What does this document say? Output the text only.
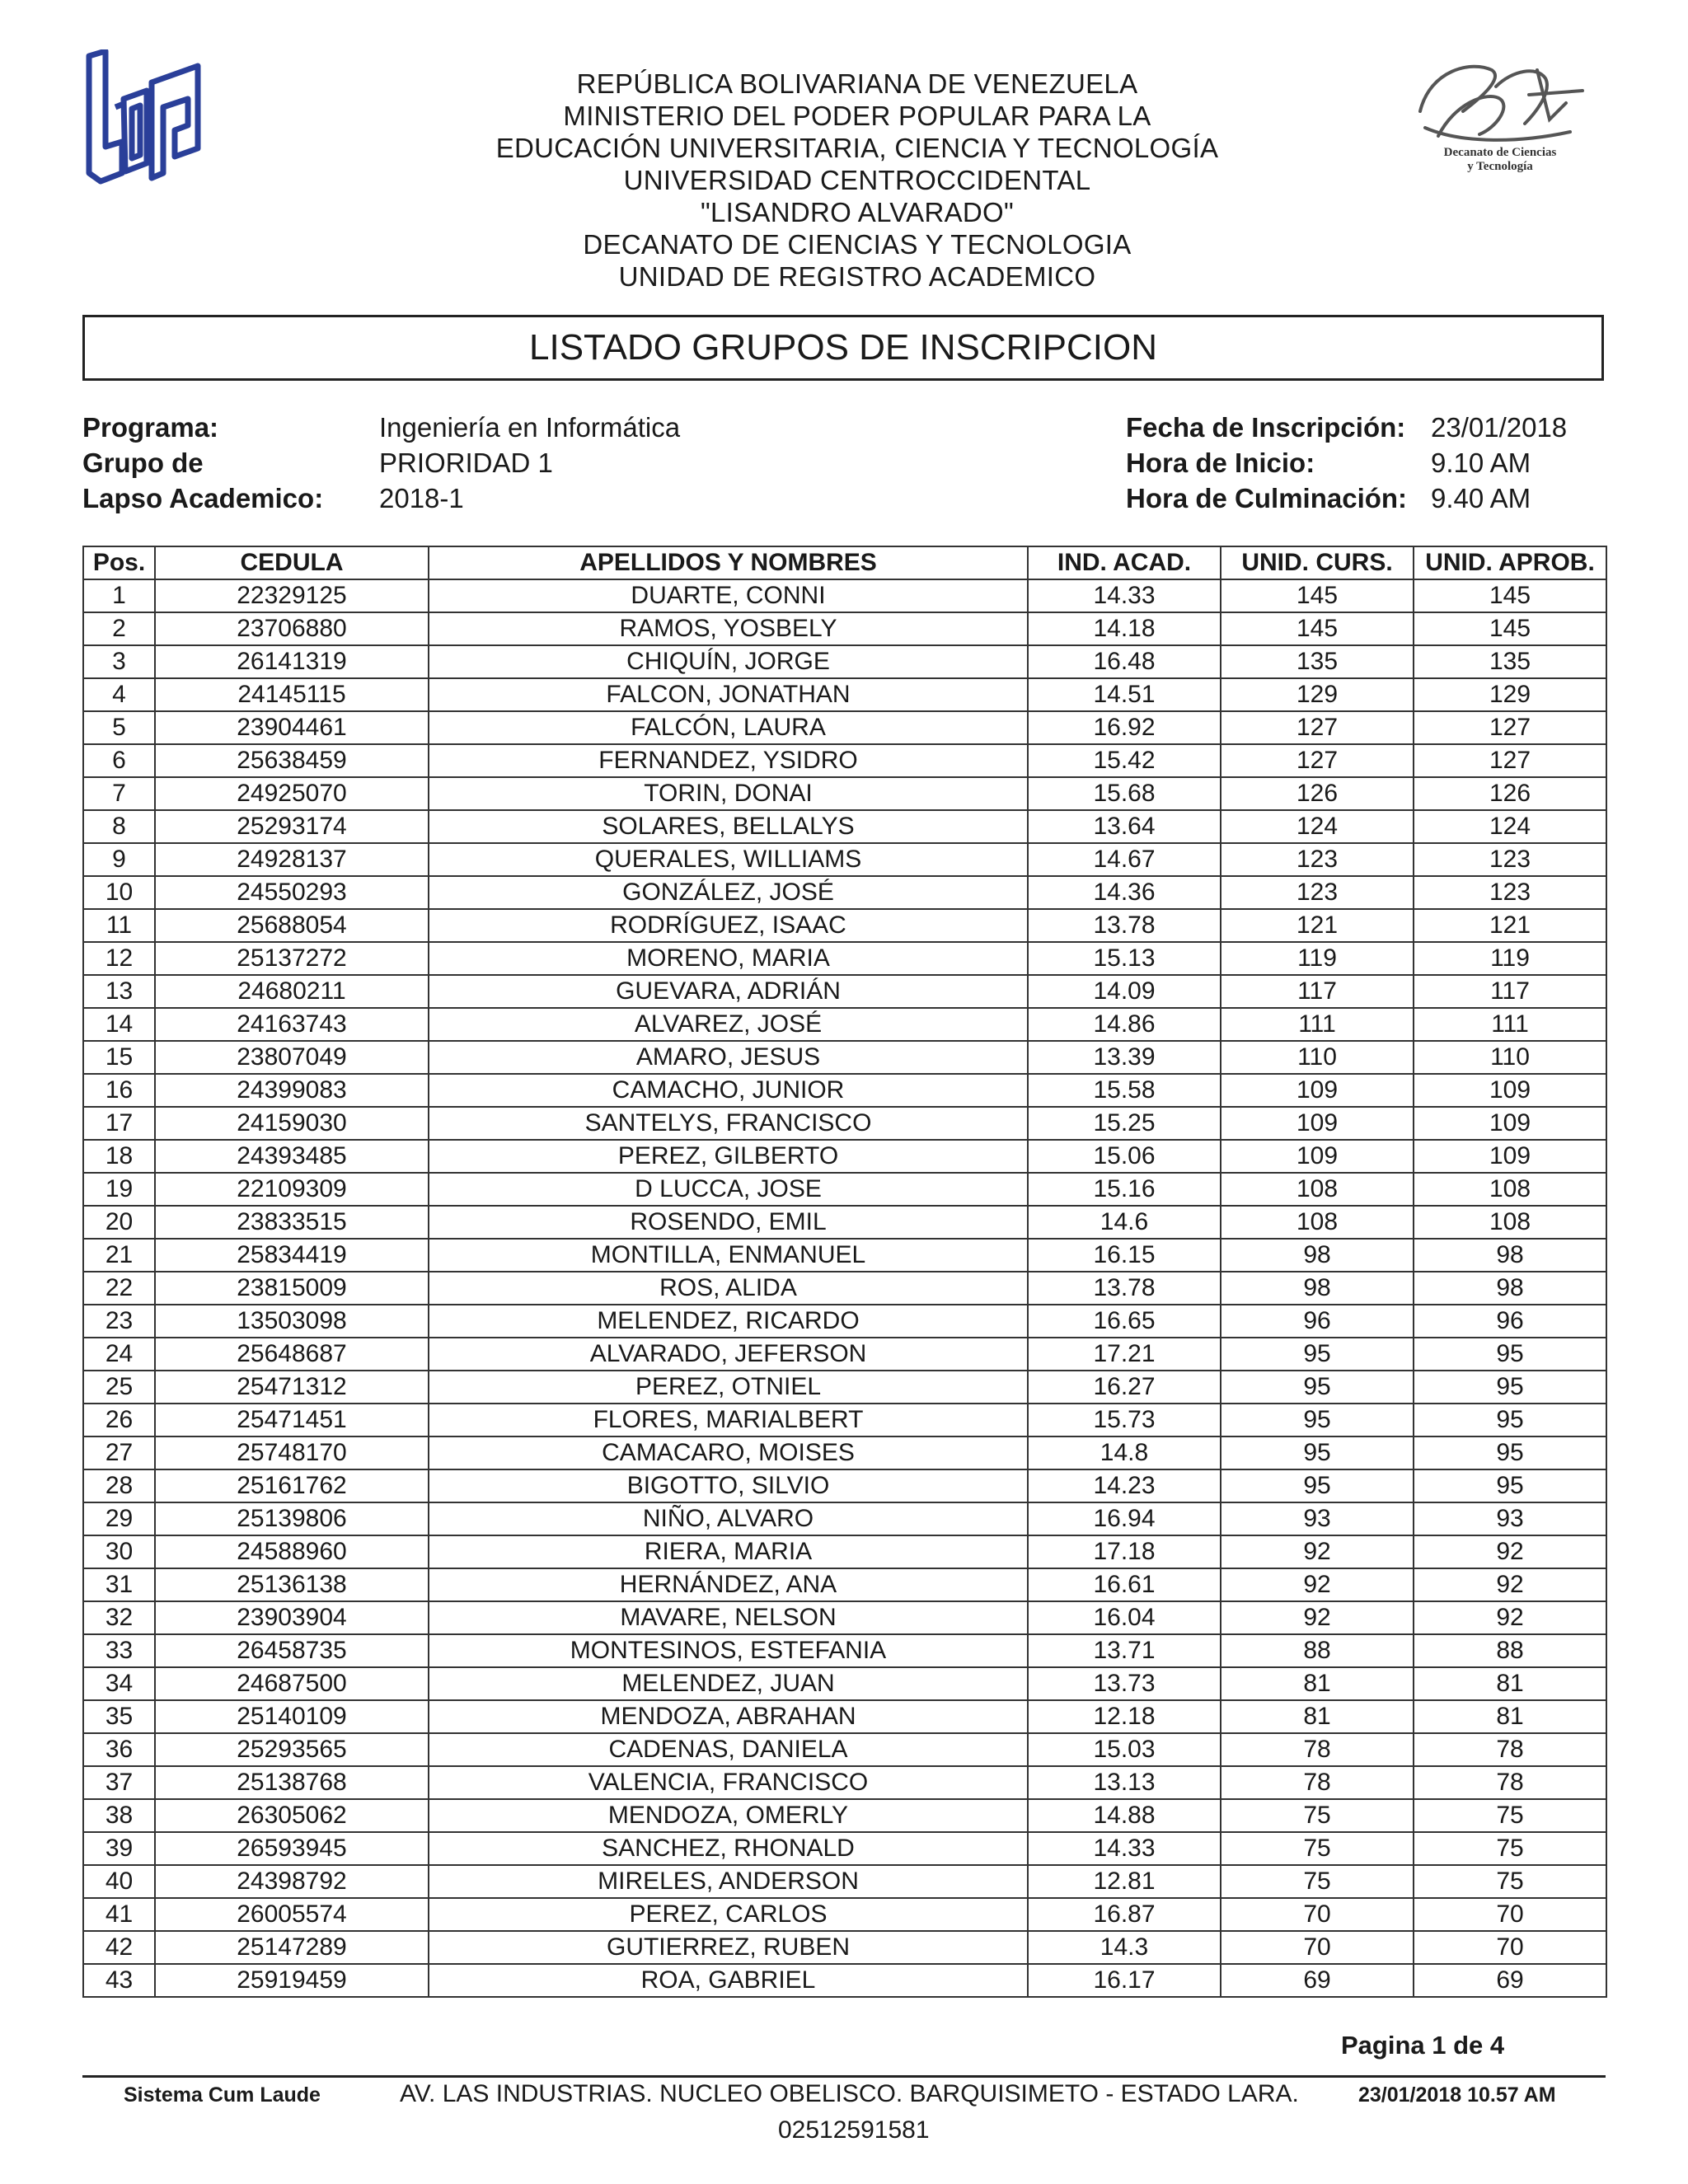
Decanato de Ciencias
y Tecnología
REPÚBLICA BOLIVARIANA DE VENEZUELA
MINISTERIO DEL PODER POPULAR PARA LA
EDUCACIÓN UNIVERSITARIA, CIENCIA Y TECNOLOGÍA
UNIVERSIDAD CENTROCCIDENTAL
"LISANDRO ALVARADO"
DECANATO DE CIENCIAS Y TECNOLOGIA
UNIDAD DE REGISTRO ACADEMICO
LISTADO GRUPOS DE INSCRIPCION
Programa:	Ingeniería en Informática
Grupo de	PRIORIDAD 1
Lapso Academico: 2018-1
Fecha de Inscripción: 23/01/2018
Hora de Inicio:	9.10 AM
Hora de Culminación: 9.40 AM
Pos.	CEDULA	APELLIDOS Y NOMBRES	IND. ACAD.	UNID. CURS.	UNID. APROB.
1	22329125	DUARTE, CONNI	14.33	145	145
2	23706880	RAMOS, YOSBELY	14.18	145	145
3	26141319	CHIQUÍN, JORGE	16.48	135	135
4	24145115	FALCON, JONATHAN	14.51	129	129
5	23904461	FALCÓN, LAURA	16.92	127	127
6	25638459	FERNANDEZ, YSIDRO	15.42	127	127
7	24925070	TORIN, DONAI	15.68	126	126
8	25293174	SOLARES, BELLALYS	13.64	124	124
9	24928137	QUERALES, WILLIAMS	14.67	123	123
10	24550293	GONZÁLEZ, JOSÉ	14.36	123	123
11	25688054	RODRÍGUEZ, ISAAC	13.78	121	121
12	25137272	MORENO, MARIA	15.13	119	119
13	24680211	GUEVARA, ADRIÁN	14.09	117	117
14	24163743	ALVAREZ, JOSÉ	14.86	111	111
15	23807049	AMARO, JESUS	13.39	110	110
16	24399083	CAMACHO, JUNIOR	15.58	109	109
17	24159030	SANTELYS, FRANCISCO	15.25	109	109
18	24393485	PEREZ, GILBERTO	15.06	109	109
19	22109309	D LUCCA, JOSE	15.16	108	108
20	23833515	ROSENDO, EMIL	14.6	108	108
21	25834419	MONTILLA, ENMANUEL	16.15	98	98
22	23815009	ROS, ALIDA	13.78	98	98
23	13503098	MELENDEZ, RICARDO	16.65	96	96
24	25648687	ALVARADO, JEFERSON	17.21	95	95
25	25471312	PEREZ, OTNIEL	16.27	95	95
26	25471451	FLORES, MARIALBERT	15.73	95	95
27	25748170	CAMACARO, MOISES	14.8	95	95
28	25161762	BIGOTTO, SILVIO	14.23	95	95
29	25139806	NIÑO, ALVARO	16.94	93	93
30	24588960	RIERA, MARIA	17.18	92	92
31	25136138	HERNÁNDEZ, ANA	16.61	92	92
32	23903904	MAVARE, NELSON	16.04	92	92
33	26458735	MONTESINOS, ESTEFANIA	13.71	88	88
34	24687500	MELENDEZ, JUAN	13.73	81	81
35	25140109	MENDOZA, ABRAHAN	12.18	81	81
36	25293565	CADENAS, DANIELA	15.03	78	78
37	25138768	VALENCIA, FRANCISCO	13.13	78	78
38	26305062	MENDOZA, OMERLY	14.88	75	75
39	26593945	SANCHEZ, RHONALD	14.33	75	75
40	24398792	MIRELES, ANDERSON	12.81	75	75
41	26005574	PEREZ, CARLOS	16.87	70	70
42	25147289	GUTIERREZ, RUBEN	14.3	70	70
43	25919459	ROA, GABRIEL	16.17	69	69
Pagina 1 de 4
Sistema Cum Laude	AV. LAS INDUSTRIAS. NUCLEO OBELISCO. BARQUISIMETO - ESTADO LARA.	23/01/2018 10.57 AM
02512591581
